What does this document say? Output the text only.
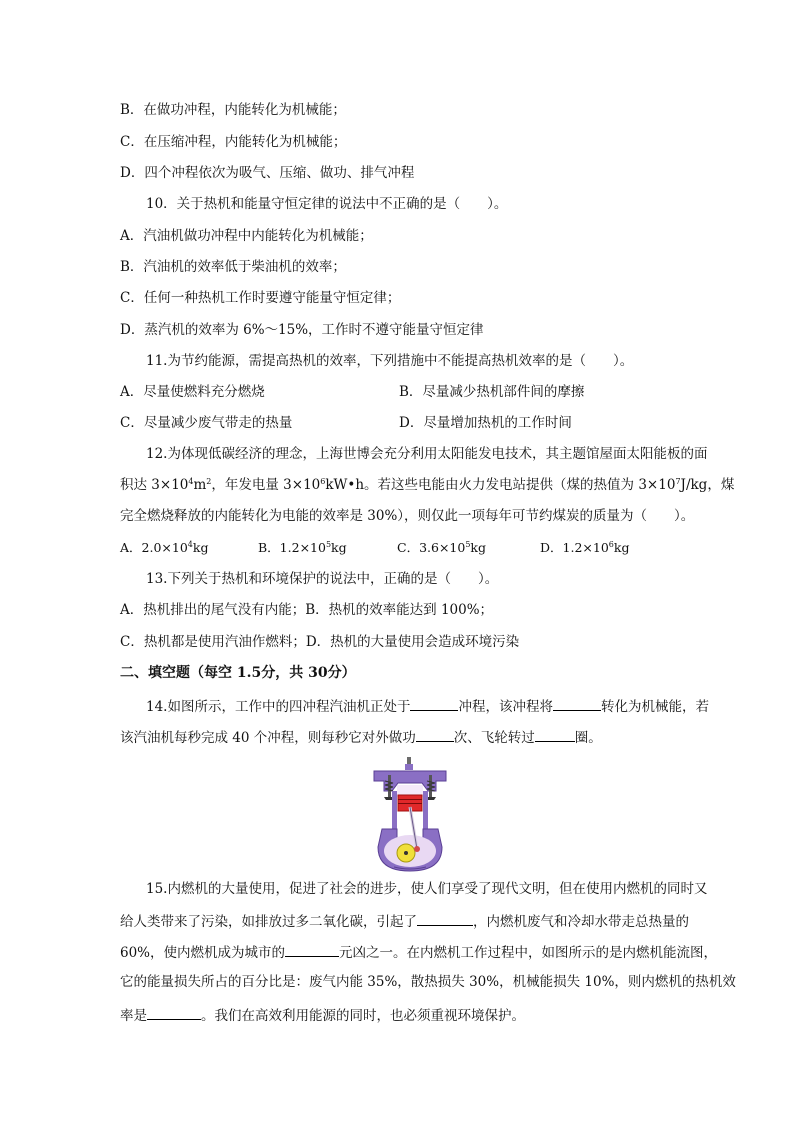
B．在做功冲程，内能转化为机械能；
C．在压缩冲程，内能转化为机械能；
D．四个冲程依次为吸气、压缩、做功、排气冲程
10．关于热机和能量守恒定律的说法中不正确的是（　　）。
A．汽油机做功冲程中内能转化为机械能；
B．汽油机的效率低于柴油机的效率；
C．任何一种热机工作时要遵守能量守恒定律；
D．蒸汽机的效率为 6%～15%，工作时不遵守能量守恒定律
11.为节约能源，需提高热机的效率，下列措施中不能提高热机效率的是（　　）。
A．尽量使燃料充分燃烧	B．尽量减少热机部件间的摩擦
C．尽量减少废气带走的热量	D．尽量增加热机的工作时间
12.为体现低碳经济的理念，上海世博会充分利用太阳能发电技术，其主题馆屋面太阳能板的面
积达 $3\times 10^4m^2$，年发电量 $3\times 10^6kW•h$。若这些电能由火力发电站提供（煤的热值为 $3\times 10^7J/kg$，煤
完全燃烧释放的内能转化为电能的效率是 30%），则仅此一项每年可节约煤炭的质量为（　　）。
A．$2.0\times 10^4kg$	B．$1.2\times 10^5kg$	C．$3.6\times 10^5kg$	D．$1.2\times 10^6kg$
13.下列关于热机和环境保护的说法中，正确的是（　　）。
A．热机排出的尾气没有内能；B．热机的效率能达到 100%；
C．热机都是使用汽油作燃料；D．热机的大量使用会造成环境污染
二、填空题（每空 1.5分，共 30分）
14.如图所示，工作中的四冲程汽油机正处于	冲程，该冲程将	转化为机械能，若
该汽油机每秒完成 40 个冲程，则每秒它对外做功	次、飞轮转过	圈。
15.内燃机的大量使用，促进了社会的进步，使人们享受了现代文明，但在使用内燃机的同时又
给人类带来了污染，如排放过多二氧化碳，引起了	，内燃机废气和冷却水带走总热量的
60%，使内燃机成为城市的	元凶之一。在内燃机工作过程中，如图所示的是内燃机能流图，
它的能量损失所占的百分比是：废气内能 35%，散热损失 30%，机械能损失 10%，则内燃机的热机效
率是	。我们在高效利用能源的同时，也必须重视环境保护。
